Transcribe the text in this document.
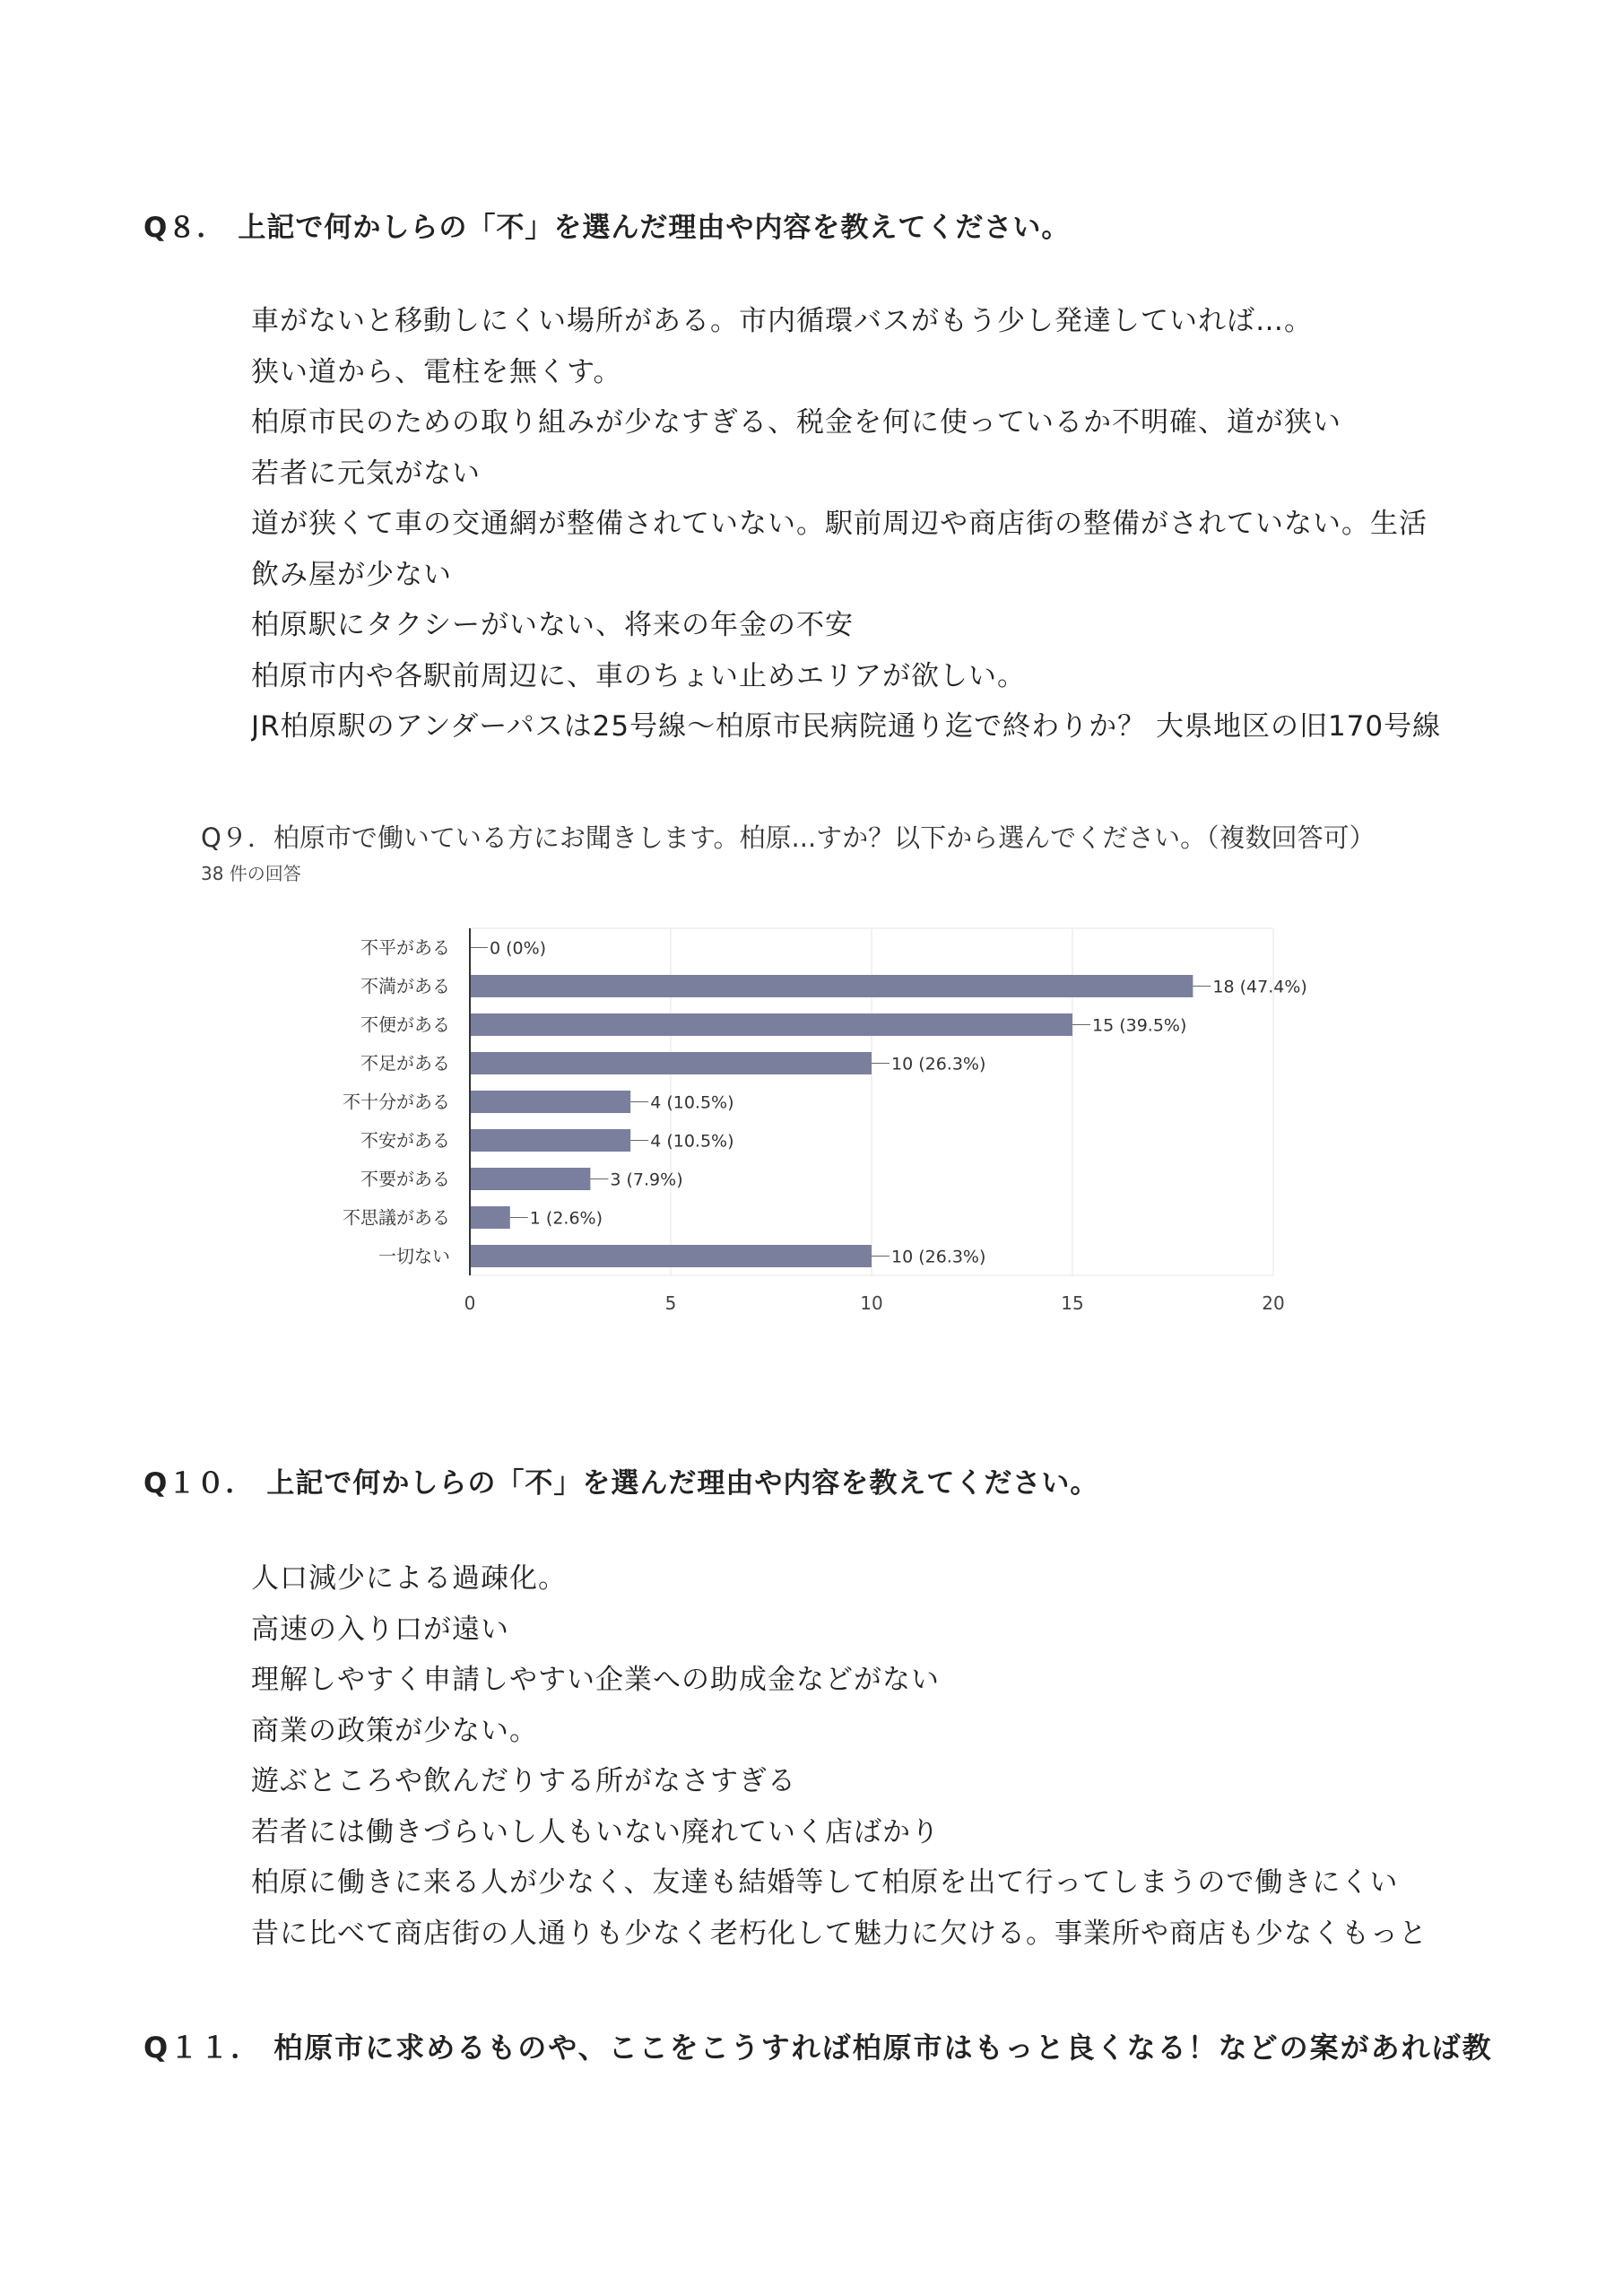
Q８． 上記で何かしらの「不」を選んだ理由や内容を教えてください。
車がないと移動しにくい場所がある。市内循環バスがもう少し発達していれば…。
狭い道から、電柱を無くす。
柏原市民のための取り組みが少なすぎる、税金を何に使っているか不明確、道が狭い
若者に元気がない
道が狭くて車の交通網が整備されていない。駅前周辺や商店街の整備がされていない。生活
飲み屋が少ない
柏原駅にタクシーがいない、将来の年金の不安
柏原市内や各駅前周辺に、車のちょい止めエリアが欲しい。
JR柏原駅のアンダーパスは25号線～柏原市民病院通り迄で終わりか？ 大県地区の旧170号線
0	5	10	15	20
不平がある 0 (0%)
不満がある	18 (47.4%)
不便がある	15 (39.5%)
不足がある	10 (26.3%)
不十分がある	4 (10.5%)
不安がある	4 (10.5%)
不要がある	3 (7.9%)
不思議がある	1 (2.6%)
一切ない	10 (26.3%)
Q９．柏原市で働いている方にお聞きします。柏原...すか？以下から選んでください。（複数回答可）
38 件の回答
Q１０． 上記で何かしらの「不」を選んだ理由や内容を教えてください。
人口減少による過疎化。
高速の入り口が遠い
理解しやすく申請しやすい企業への助成金などがない
商業の政策が少ない。
遊ぶところや飲んだりする所がなさすぎる
若者には働きづらいし人もいない廃れていく店ばかり
柏原に働きに来る人が少なく、友達も結婚等して柏原を出て行ってしまうので働きにくい
昔に比べて商店街の人通りも少なく老朽化して魅力に欠ける。事業所や商店も少なくもっと
Q１１． 柏原市に求めるものや、ここをこうすれば柏原市はもっと良くなる！などの案があれば教
